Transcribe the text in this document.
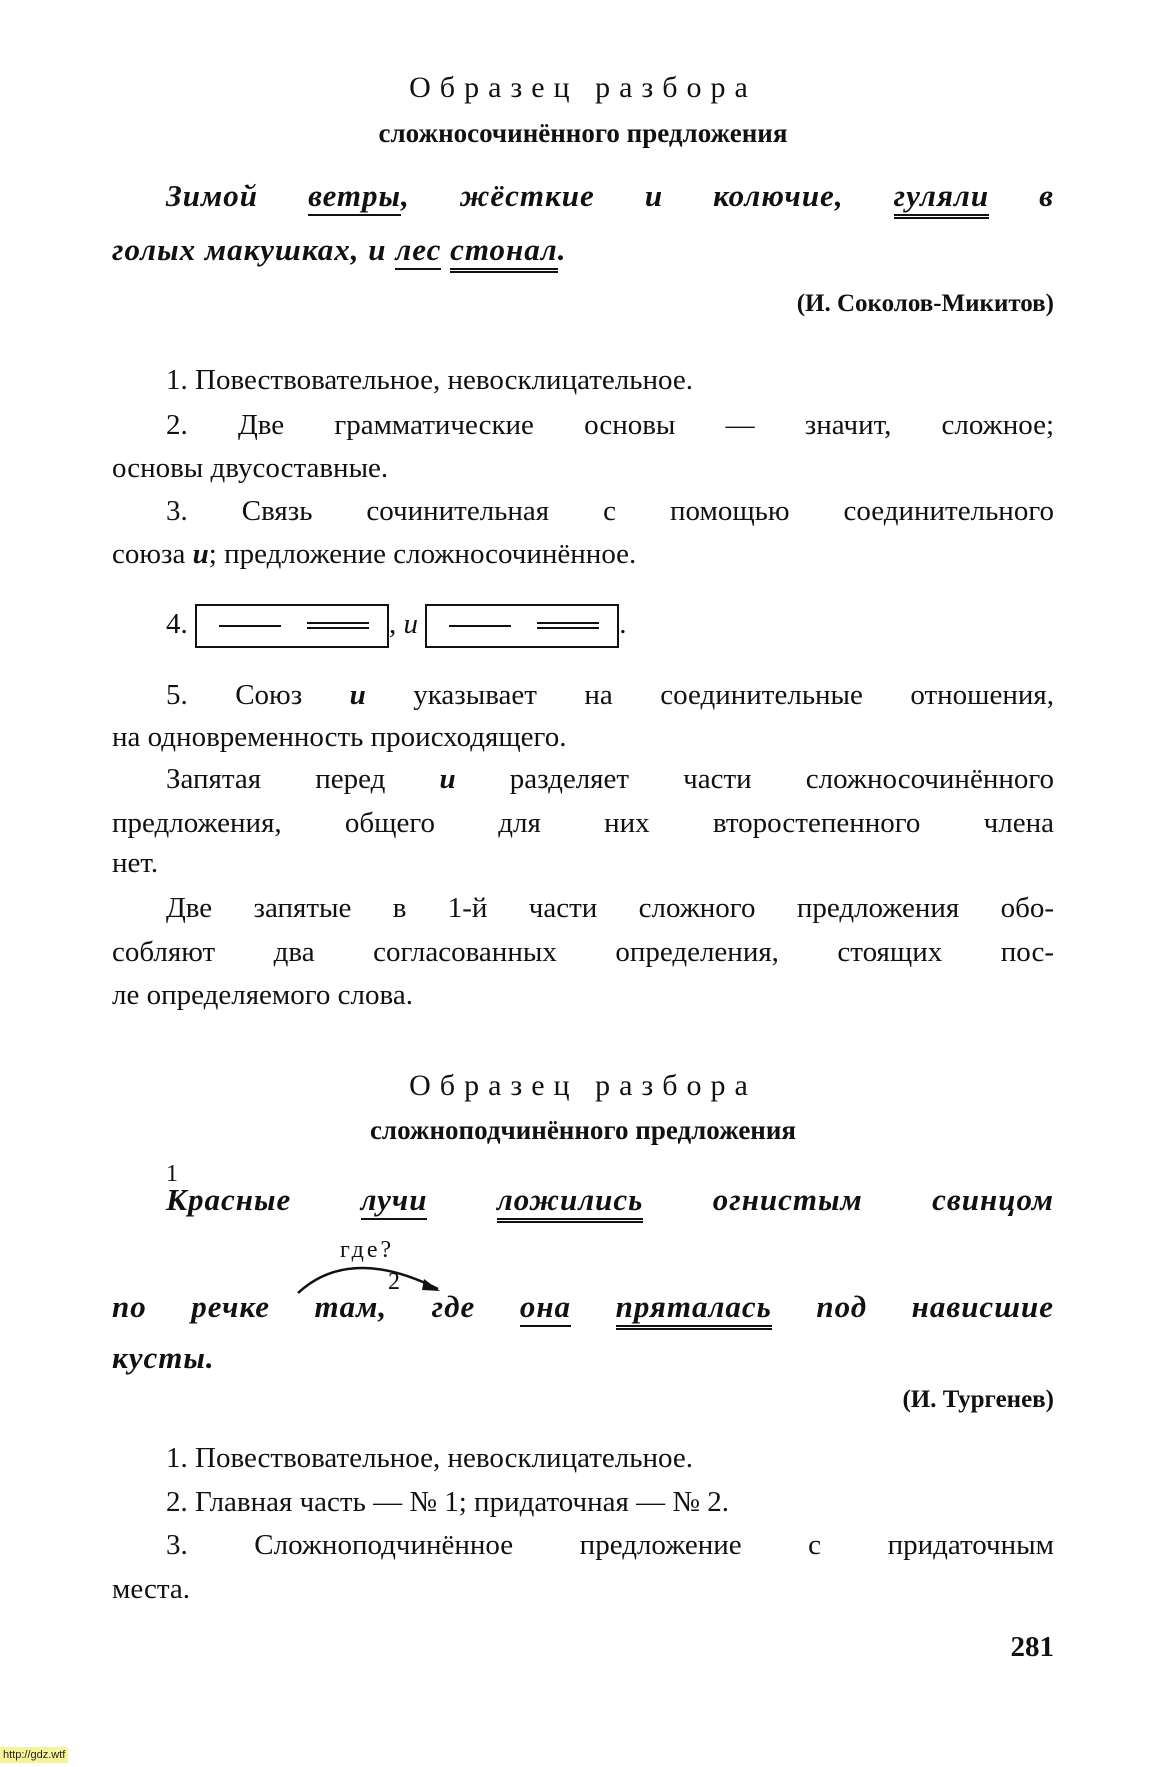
Образец разбора
сложносочинённого предложения
Зимой ветры, жёсткие и колючие, гуляли в
голых макушках, и лес стонал.
(И. Соколов-Микитов)
1. Повествовательное, невосклицательное.
2. Две грамматические основы — значит, сложное;
основы двусоставные.
3. Связь сочинительная с помощью соединительного
союза и; предложение сложносочинённое.
4.	, и	.
5. Союз и указывает на соединительные отношения,
на одновременность происходящего.
Запятая перед и разделяет части сложносочинённого
предложения, общего для них второстепенного члена
нет.
Две запятые в 1-й части сложного предложения обо-
собляют два согласованных определения, стоящих пос-
ле определяемого слова.
Образец разбора
сложноподчинённого предложения
1
Красные лучи ложились огнистым свинцом
где?
2
по речке там, где она пряталась под нависшие
кусты.
(И. Тургенев)
1. Повествовательное, невосклицательное.
2. Главная часть — № 1; придаточная — № 2.
3. Сложноподчинённое предложение с придаточным
места.
281
http://gdz.wtf
